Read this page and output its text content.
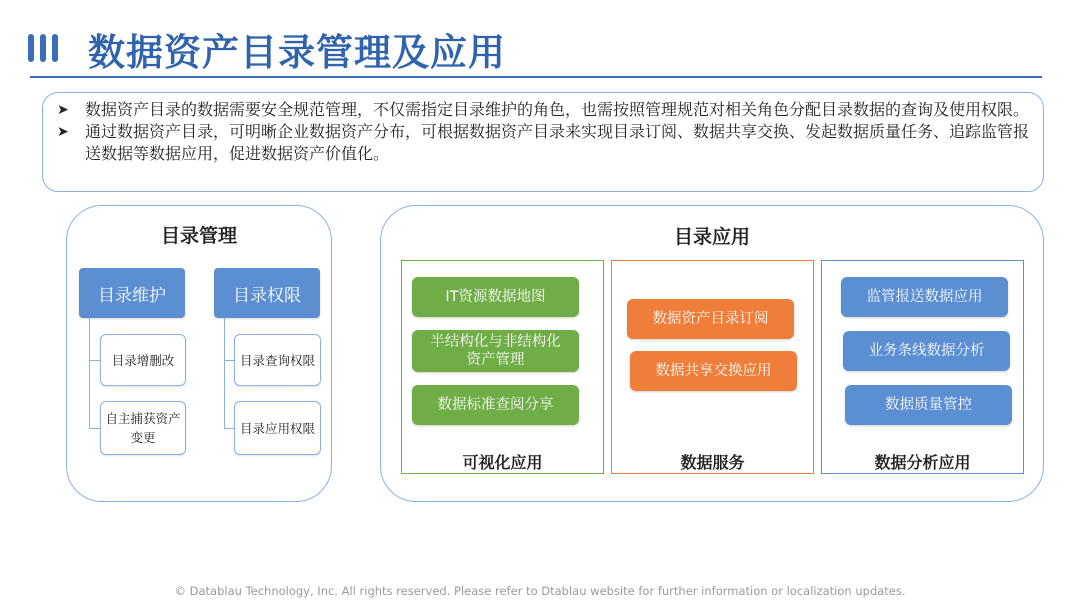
数据资产目录管理及应用
➤ 数据资产目录的数据需要安全规范管理，不仅需指定目录维护的角色，也需按照管理规范对相关角色分配目录数据的查询及使用权限。
➤ 通过数据资产目录，可明晰企业数据资产分布，可根据数据资产目录来实现目录订阅、数据共享交换、发起数据质量任务、追踪监管报送数据等数据应用，促进数据资产价值化。
目录管理
目录维护	目录权限
目录增删改
自主捕获资产变更
目录查询权限
目录应用权限
目录应用
IT资源数据地图
半结构化与非结构化资产管理
数据标准查阅分享
可视化应用
数据资产目录订阅
数据共享交换应用
数据服务
监管报送数据应用
业务条线数据分析
数据质量管控
数据分析应用
© Datablau Technology, Inc. All rights reserved. Please refer to Dtablau website for further information or localization updates.
